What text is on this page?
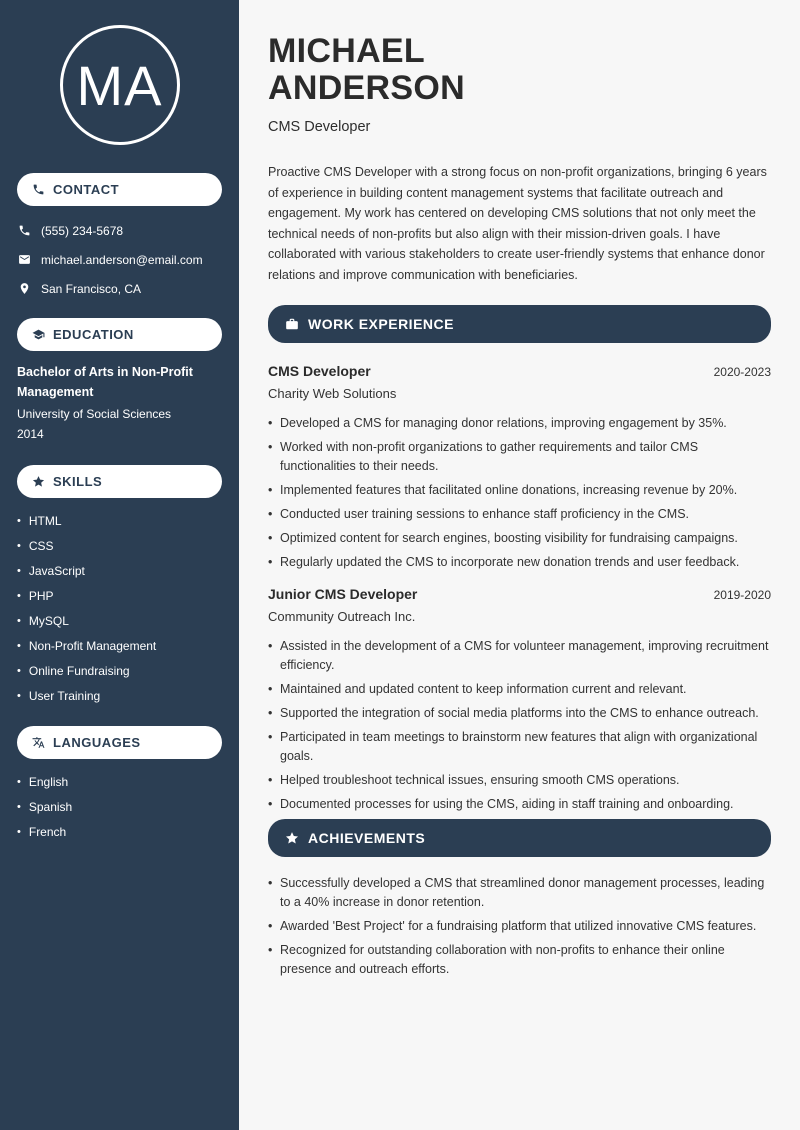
MA
CONTACT
(555) 234-5678
michael.anderson@email.com
San Francisco, CA
EDUCATION
Bachelor of Arts in Non-Profit Management
University of Social Sciences
2014
SKILLS
• HTML
• CSS
• JavaScript
• PHP
• MySQL
• Non-Profit Management
• Online Fundraising
• User Training
LANGUAGES
• English
• Spanish
• French
MICHAEL
ANDERSON
CMS Developer

Proactive CMS Developer with a strong focus on non-profit organizations, bringing 6 years of experience in building content management systems that facilitate outreach and engagement. My work has centered on developing CMS solutions that not only meet the technical needs of non-profits but also align with their mission-driven goals. I have collaborated with various stakeholders to create user-friendly systems that enhance donor relations and improve communication with beneficiaries.

WORK EXPERIENCE
CMS Developer	2020-2023
Charity Web Solutions
• Developed a CMS for managing donor relations, improving engagement by 35%.
• Worked with non-profit organizations to gather requirements and tailor CMS functionalities to their needs.
• Implemented features that facilitated online donations, increasing revenue by 20%.
• Conducted user training sessions to enhance staff proficiency in the CMS.
• Optimized content for search engines, boosting visibility for fundraising campaigns.
• Regularly updated the CMS to incorporate new donation trends and user feedback.
Junior CMS Developer	2019-2020
Community Outreach Inc.
• Assisted in the development of a CMS for volunteer management, improving recruitment efficiency.
• Maintained and updated content to keep information current and relevant.
• Supported the integration of social media platforms into the CMS to enhance outreach.
• Participated in team meetings to brainstorm new features that align with organizational goals.
• Helped troubleshoot technical issues, ensuring smooth CMS operations.
• Documented processes for using the CMS, aiding in staff training and onboarding.
ACHIEVEMENTS
• Successfully developed a CMS that streamlined donor management processes, leading to a 40% increase in donor retention.
• Awarded 'Best Project' for a fundraising platform that utilized innovative CMS features.
• Recognized for outstanding collaboration with non-profits to enhance their online presence and outreach efforts.
